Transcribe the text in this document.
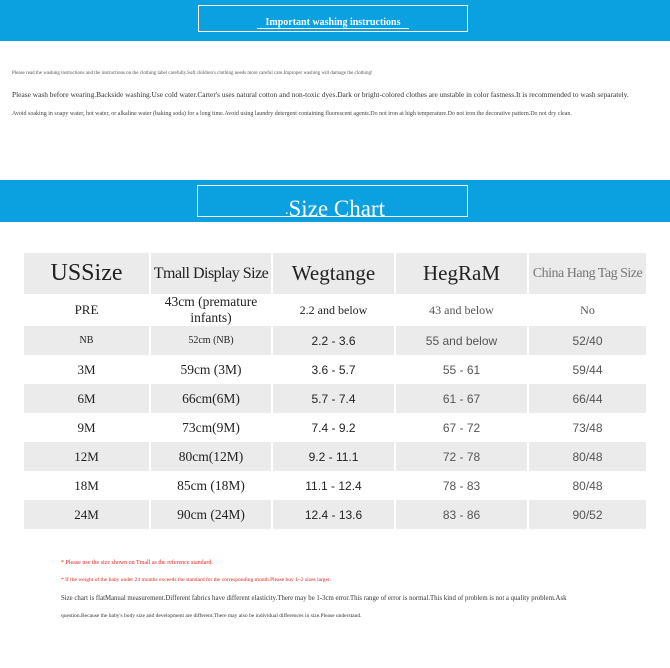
Important washing instructions
Please read the washing instructions and the instructions on the clothing label carefully.Soft children's clothing needs more careful care.Improper washing will damage the clothing!
Please wash before wearing.Backside washing.Use cold water.Carter's uses natural cotton and non-toxic dyes.Dark or bright-colored clothes are unstable in color fastness.It is recommended to wash separately.
Avoid soaking in soapy water, hot water, or alkaline water (baking soda) for a long time.Avoid using laundry detergent containing fluorescent agents.Do not iron at high temperature.Do not iron the decorative pattern.Do not dry clean.
.Size Chart
USSize	Tmall Display Size	Wegtange	HegRaM	China Hang Tag Size
PRE	43cm (premature infants)	2.2 and below	43 and below	No
NB	52cm (NB)	2.2 - 3.6	55 and below	52/40
3M	59cm (3M)	3.6 - 5.7	55 - 61	59/44
6M	66cm(6M)	5.7 - 7.4	61 - 67	66/44
9M	73cm(9M)	7.4 - 9.2	67 - 72	73/48
12M	80cm(12M)	9.2 - 11.1	72 - 78	80/48
18M	85cm (18M)	11.1 - 12.4	78 - 83	80/48
24M	90cm (24M)	12.4 - 13.6	83 - 86	90/52
* Please use the size shown on Tmall as the reference standard.
* If the weight of the baby under 24 months exceeds the standard for the corresponding month.Please buy 1~2 sizes larger.
Size chart is flatManual measurement.Different fabrics have different elasticity.There may be 1-3cm error.This range of error is normal.This kind of problem is not a quality problem.Ask
question.Because the baby's body size and development are different.There may also be individual differences in size.Please understand.
